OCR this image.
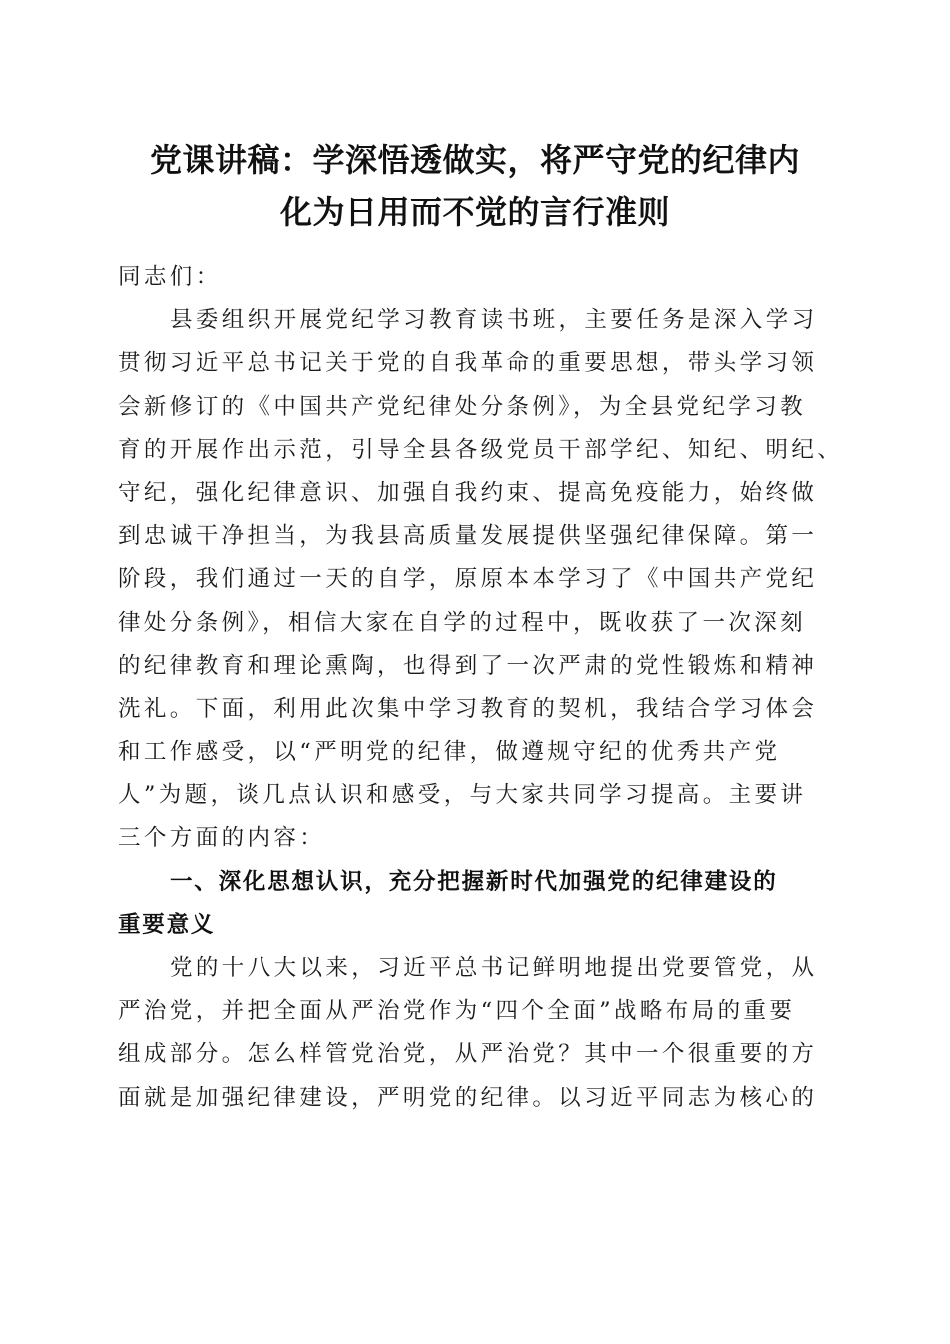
党课讲稿：学深悟透做实，将严守党的纪律内
化为日用而不觉的言行准则
同志们：
县委组织开展党纪学习教育读书班，主要任务是深入学习
贯彻习近平总书记关于党的自我革命的重要思想，带头学习领
会新修订的《中国共产党纪律处分条例》，为全县党纪学习教
育的开展作出示范，引导全县各级党员干部学纪、知纪、明纪、
守纪，强化纪律意识、加强自我约束、提高免疫能力，始终做
到忠诚干净担当，为我县高质量发展提供坚强纪律保障。第一
阶段，我们通过一天的自学，原原本本学习了《中国共产党纪
律处分条例》，相信大家在自学的过程中，既收获了一次深刻
的纪律教育和理论熏陶，也得到了一次严肃的党性锻炼和精神
洗礼。下面，利用此次集中学习教育的契机，我结合学习体会
和工作感受，以“严明党的纪律，做遵规守纪的优秀共产党
人”为题，谈几点认识和感受，与大家共同学习提高。主要讲
三个方面的内容：
一、深化思想认识，充分把握新时代加强党的纪律建设的
重要意义
党的十八大以来，习近平总书记鲜明地提出党要管党，从
严治党，并把全面从严治党作为“四个全面”战略布局的重要
组成部分。怎么样管党治党，从严治党？其中一个很重要的方
面就是加强纪律建设，严明党的纪律。以习近平同志为核心的
